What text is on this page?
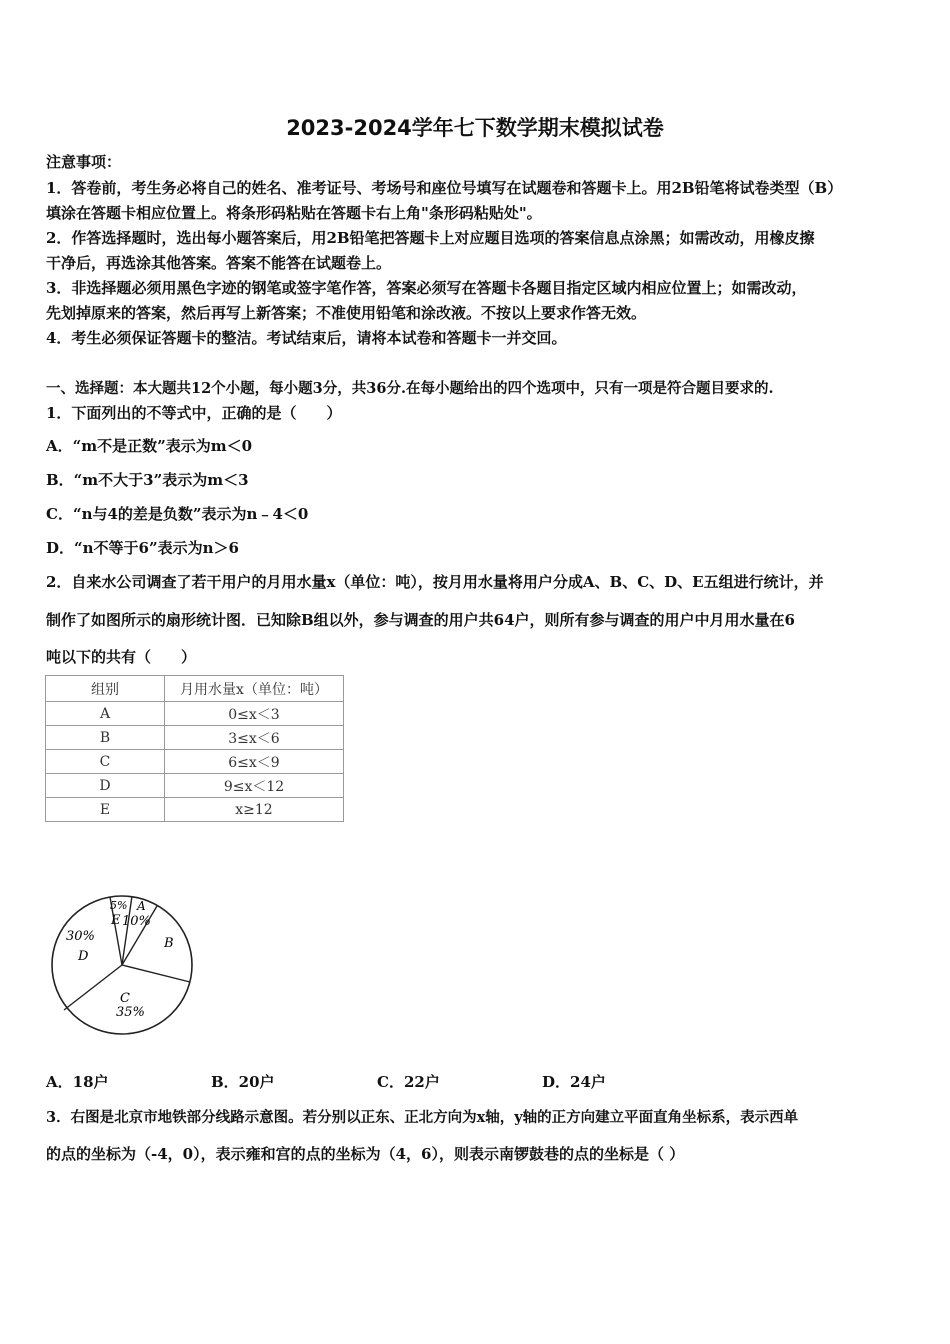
2023-2024学年七下数学期末模拟试卷
注意事项：
1．答卷前，考生务必将自己的姓名、准考证号、考场号和座位号填写在试题卷和答题卡上。用2B铅笔将试卷类型（B）
填涂在答题卡相应位置上。将条形码粘贴在答题卡右上角"条形码粘贴处"。
2．作答选择题时，选出每小题答案后，用2B铅笔把答题卡上对应题目选项的答案信息点涂黑；如需改动，用橡皮擦
干净后，再选涂其他答案。答案不能答在试题卷上。
3．非选择题必须用黑色字迹的钢笔或签字笔作答，答案必须写在答题卡各题目指定区域内相应位置上；如需改动，
先划掉原来的答案，然后再写上新答案；不准使用铅笔和涂改液。不按以上要求作答无效。
4．考生必须保证答题卡的整洁。考试结束后，请将本试卷和答题卡一并交回。
一、选择题：本大题共12个小题，每小题3分，共36分.在每小题给出的四个选项中，只有一项是符合题目要求的.
1．下面列出的不等式中，正确的是（　　）
A．“m不是正数”表示为m＜0
B．“m不大于3”表示为m＜3
C．“n与4的差是负数”表示为n﹣4＜0
D．“n不等于6”表示为n＞6
2．自来水公司调查了若干用户的月用水量x（单位：吨），按月用水量将用户分成A、B、C、D、E五组进行统计，并
制作了如图所示的扇形统计图．已知除B组以外，参与调查的用户共64户，则所有参与调查的用户中月用水量在6
吨以下的共有（　　）
组别	月用水量x（单位：吨）
A	0≤x＜3
B	3≤x＜6
C	6≤x＜9
D	9≤x＜12
E	x≥12
5%
E
A
10%
B
30%
D
C
35%
A．18户	B．20户	C．22户	D．24户
3．右图是北京市地铁部分线路示意图。若分别以正东、正北方向为x轴，y轴的正方向建立平面直角坐标系，表示西单
的点的坐标为（-4，0），表示雍和宫的点的坐标为（4，6），则表示南锣鼓巷的点的坐标是（ ）
